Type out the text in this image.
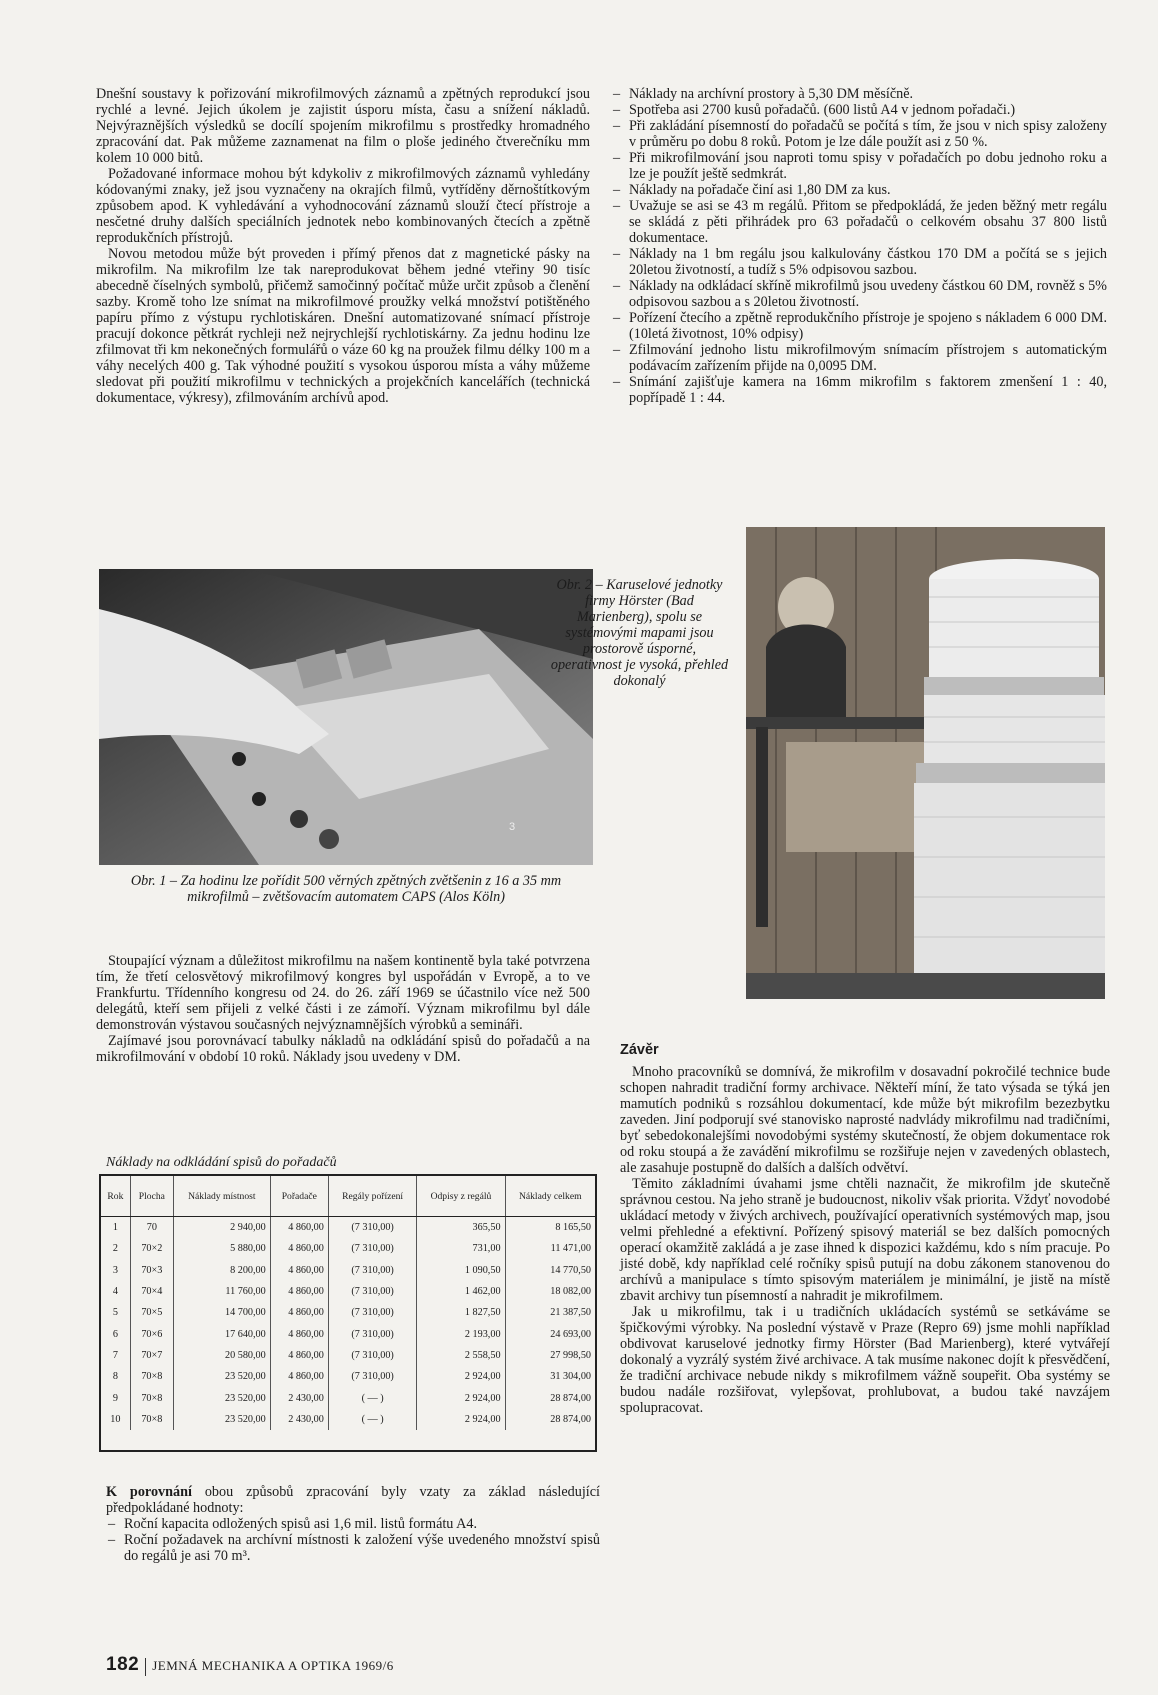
Dnešní soustavy k pořizování mikrofilmových záznamů a zpětných reprodukcí jsou rychlé a levné. Jejich úkolem je zajistit úsporu místa, času a snížení nákladů. Nejvýraznějších výsledků se docílí spojením mikrofilmu s prostředky hromadného zpracování dat. Pak můžeme zaznamenat na film o ploše jediného čtverečníku mm kolem 10 000 bitů.

Požadované informace mohou být kdykoliv z mikrofilmových záznamů vyhledány kódovanými znaky, jež jsou vyznačeny na okrajích filmů, vytříděny děrnoštítkovým způsobem apod. K vyhledávání a vyhodnocování záznamů slouží čtecí přístroje a nesčetné druhy dalších speciálních jednotek nebo kombinovaných čtecích a zpětně reprodukčních přístrojů.

Novou metodou může být proveden i přímý přenos dat z magnetické pásky na mikrofilm. Na mikrofilm lze tak nareprodukovat během jedné vteřiny 90 tisíc abecedně číselných symbolů, přičemž samočinný počítač může určit způsob a členění sazby. Kromě toho lze snímat na mikrofilmové proužky velká množství potištěného papíru přímo z výstupu rychlotiskáren. Dnešní automatizované snímací přístroje pracují dokonce pětkrát rychleji než nejrychlejší rychlotiskárny. Za jednu hodinu lze zfilmovat tři km nekonečných formulářů o váze 60 kg na proužek filmu délky 100 m a váhy necelých 400 g. Tak výhodné použití s vysokou úsporou místa a váhy můžeme sledovat při použití mikrofilmu v technických a projekčních kancelářích (technická dokumentace, výkresy), zfilmováním archívů apod.

– Náklady na archívní prostory à 5,30 DM měsíčně.
– Spotřeba asi 2700 kusů pořadačů. (600 listů A4 v jednom pořadači.)
– Při zakládání písemností do pořadačů se počítá s tím, že jsou v nich spisy založeny v průměru po dobu 8 roků. Potom je lze dále použít asi z 50 %.
– Při mikrofilmování jsou naproti tomu spisy v pořadačích po dobu jednoho roku a lze je použít ještě sedmkrát.
– Náklady na pořadače činí asi 1,80 DM za kus.
– Uvažuje se asi se 43 m regálů. Přitom se předpokládá, že jeden běžný metr regálu se skládá z pěti přihrádek pro 63 pořadačů o celkovém obsahu 37 800 listů dokumentace.
– Náklady na 1 bm regálu jsou kalkulovány částkou 170 DM a počítá se s jejich 20letou životností, a tudíž s 5% odpisovou sazbou.
– Náklady na odkládací skříně mikrofilmů jsou uvedeny částkou 60 DM, rovněž s 5% odpisovou sazbou a s 20letou životností.
– Pořízení čtecího a zpětně reprodukčního přístroje je spojeno s nákladem 6 000 DM. (10letá životnost, 10% odpisy)
– Zfilmování jednoho listu mikrofilmovým snímacím přístrojem s automatickým podávacím zařízením přijde na 0,0095 DM.
– Snímání zajišťuje kamera na 16mm mikrofilm s faktorem zmenšení 1 : 40, popřípadě 1 : 44.
3
Obr. 2 – Karuselové jednotky firmy Hörster (Bad Marienberg), spolu se systémovými mapami jsou prostorově úsporné, operativnost je vysoká, přehled dokonalý
Obr. 1 – Za hodinu lze pořídit 500 věrných zpětných zvětšenin z 16 a 35 mm mikrofilmů – zvětšovacím automatem CAPS (Alos Köln)

Stoupající význam a důležitost mikrofilmu na našem kontinentě byla také potvrzena tím, že třetí celosvětový mikrofilmový kongres byl uspořádán v Evropě, a to ve Frankfurtu. Třídenního kongresu od 24. do 26. září 1969 se účastnilo více než 500 delegátů, kteří sem přijeli z velké části i ze zámoří. Význam mikrofilmu byl dále demonstrován výstavou současných nejvýznamnějších výrobků a semináři.

Zajímavé jsou porovnávací tabulky nákladů na odkládání spisů do pořadačů a na mikrofilmování v období 10 roků. Náklady jsou uvedeny v DM.

Náklady na odkládání spisů do pořadačů
Rok	Plocha	Náklady místnost	Pořadače	Regály pořízení	Odpisy z regálů	Náklady celkem
1	70	2 940,00	4 860,00	(7 310,00)	365,50	8 165,50
2	70×2	5 880,00	4 860,00	(7 310,00)	731,00	11 471,00
3	70×3	8 200,00	4 860,00	(7 310,00)	1 090,50	14 770,50
4	70×4	11 760,00	4 860,00	(7 310,00)	1 462,00	18 082,00
5	70×5	14 700,00	4 860,00	(7 310,00)	1 827,50	21 387,50
6	70×6	17 640,00	4 860,00	(7 310,00)	2 193,00	24 693,00
7	70×7	20 580,00	4 860,00	(7 310,00)	2 558,50	27 998,50
8	70×8	23 520,00	4 860,00	(7 310,00)	2 924,00	31 304,00
9	70×8	23 520,00	2 430,00	( — )	2 924,00	28 874,00
10	70×8	23 520,00	2 430,00	( — )	2 924,00	28 874,00

K porovnání obou způsobů zpracování byly vzaty za základ následující předpokládané hodnoty:

– Roční kapacita odložených spisů asi 1,6 mil. listů formátu A4.
– Roční požadavek na archívní místnosti k založení výše uvedeného množství spisů do regálů je asi 70 m³.
Závěr

Mnoho pracovníků se domnívá, že mikrofilm v dosavadní pokročilé technice bude schopen nahradit tradiční formy archivace. Někteří míní, že tato výsada se týká jen mamutích podniků s rozsáhlou dokumentací, kde může být mikrofilm bezezbytku zaveden. Jiní podporují své stanovisko naprosté nadvlády mikrofilmu nad tradičními, byť sebedokonalejšími novodobými systémy skutečností, že objem dokumentace rok od roku stoupá a že zavádění mikrofilmu se rozšiřuje nejen v zavedených oblastech, ale zasahuje postupně do dalších a dalších odvětví.

Těmito základními úvahami jsme chtěli naznačit, že mikrofilm jde skutečně správnou cestou. Na jeho straně je budoucnost, nikoliv však priorita. Vždyť novodobé ukládací metody v živých archivech, používající operativních systémových map, jsou velmi přehledné a efektivní. Pořízený spisový materiál se bez dalších pomocných operací okamžitě zakládá a je zase ihned k dispozici každému, kdo s ním pracuje. Po jisté době, kdy například celé ročníky spisů putují na dobu zákonem stanovenou do archívů a manipulace s tímto spisovým materiálem je minimální, je jistě na místě zbavit archivy tun písemností a nahradit je mikrofilmem.

Jak u mikrofilmu, tak i u tradičních ukládacích systémů se setkáváme se špičkovými výrobky. Na poslední výstavě v Praze (Repro 69) jsme mohli například obdivovat karuselové jednotky firmy Hörster (Bad Marienberg), které vytvářejí dokonalý a vyzrálý systém živé archivace. A tak musíme nakonec dojít k přesvědčení, že tradiční archivace nebude nikdy s mikrofilmem vážně soupeřit. Oba systémy se budou nadále rozšiřovat, vylepšovat, prohlubovat, a budou také navzájem spolupracovat.

182 JEMNÁ MECHANIKA A OPTIKA 1969/6
